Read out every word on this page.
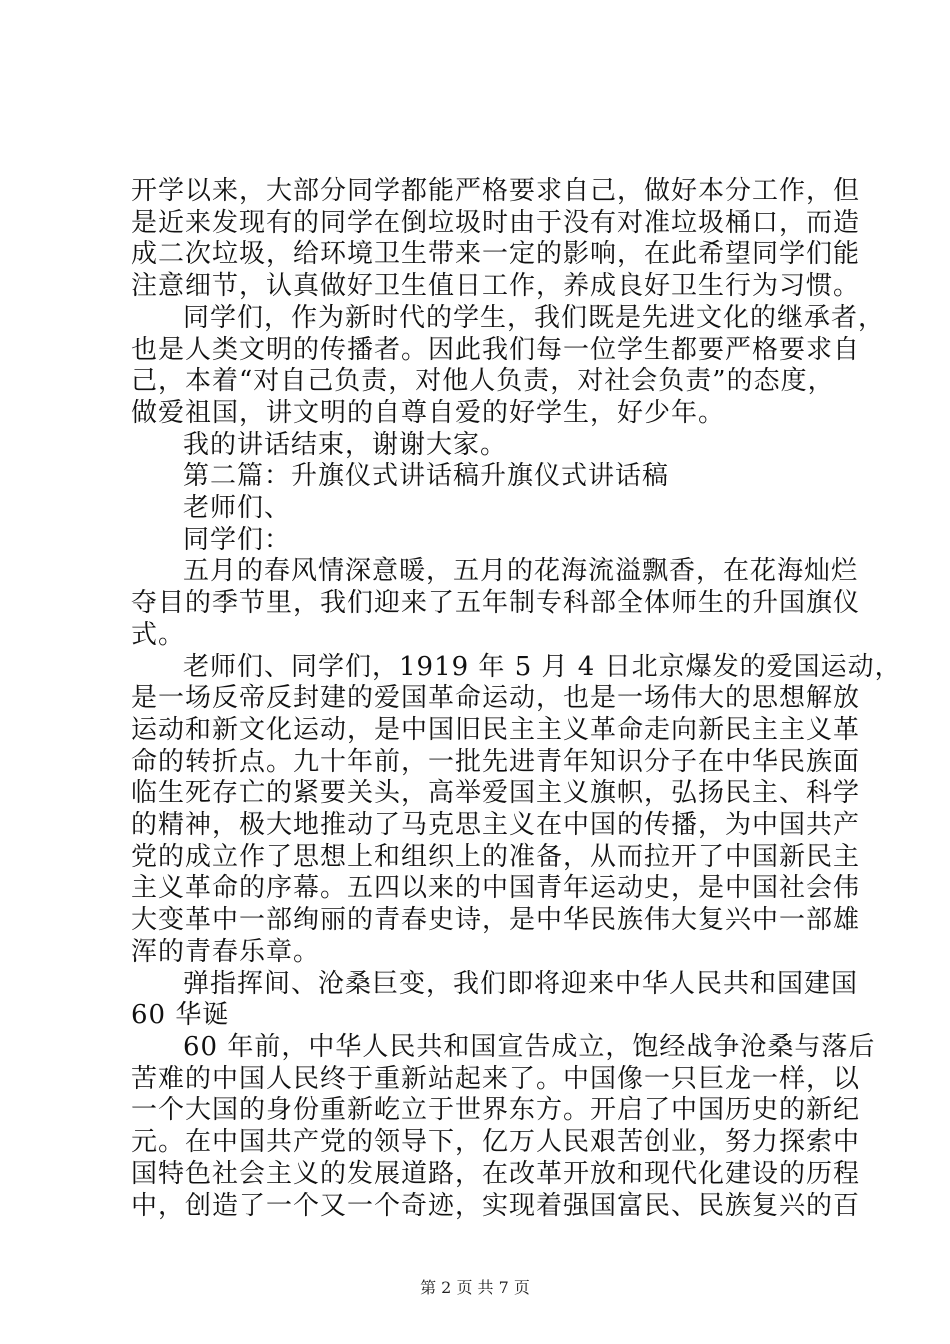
开学以来，大部分同学都能严格要求自己，做好本分工作，但
是近来发现有的同学在倒垃圾时由于没有对准垃圾桶口，而造
成二次垃圾，给环境卫生带来一定的影响，在此希望同学们能
注意细节，认真做好卫生值日工作，养成良好卫生行为习惯。

同学们，作为新时代的学生，我们既是先进文化的继承者，
也是人类文明的传播者。因此我们每一位学生都要严格要求自
己，本着“对自己负责，对他人负责，对社会负责”的态度，
做爱祖国，讲文明的自尊自爱的好学生，好少年。

我的讲话结束，谢谢大家。

第二篇：升旗仪式讲话稿升旗仪式讲话稿

老师们、

同学们：

五月的春风情深意暖，五月的花海流溢飘香，在花海灿烂
夺目的季节里，我们迎来了五年制专科部全体师生的升国旗仪
式。

老师们、同学们，1919 年 5 月 4 日北京爆发的爱国运动，
是一场反帝反封建的爱国革命运动，也是一场伟大的思想解放
运动和新文化运动，是中国旧民主主义革命走向新民主主义革
命的转折点。九十年前，一批先进青年知识分子在中华民族面
临生死存亡的紧要关头，高举爱国主义旗帜，弘扬民主、科学
的精神，极大地推动了马克思主义在中国的传播，为中国共产
党的成立作了思想上和组织上的准备，从而拉开了中国新民主
主义革命的序幕。五四以来的中国青年运动史，是中国社会伟
大变革中一部绚丽的青春史诗，是中华民族伟大复兴中一部雄
浑的青春乐章。

弹指挥间、沧桑巨变，我们即将迎来中华人民共和国建国
60 华诞

60 年前，中华人民共和国宣告成立，饱经战争沧桑与落后
苦难的中国人民终于重新站起来了。中国像一只巨龙一样，以
一个大国的身份重新屹立于世界东方。开启了中国历史的新纪
元。在中国共产党的领导下，亿万人民艰苦创业，努力探索中
国特色社会主义的发展道路，在改革开放和现代化建设的历程
中，创造了一个又一个奇迹，实现着强国富民、民族复兴的百

第 2 页 共 7 页
